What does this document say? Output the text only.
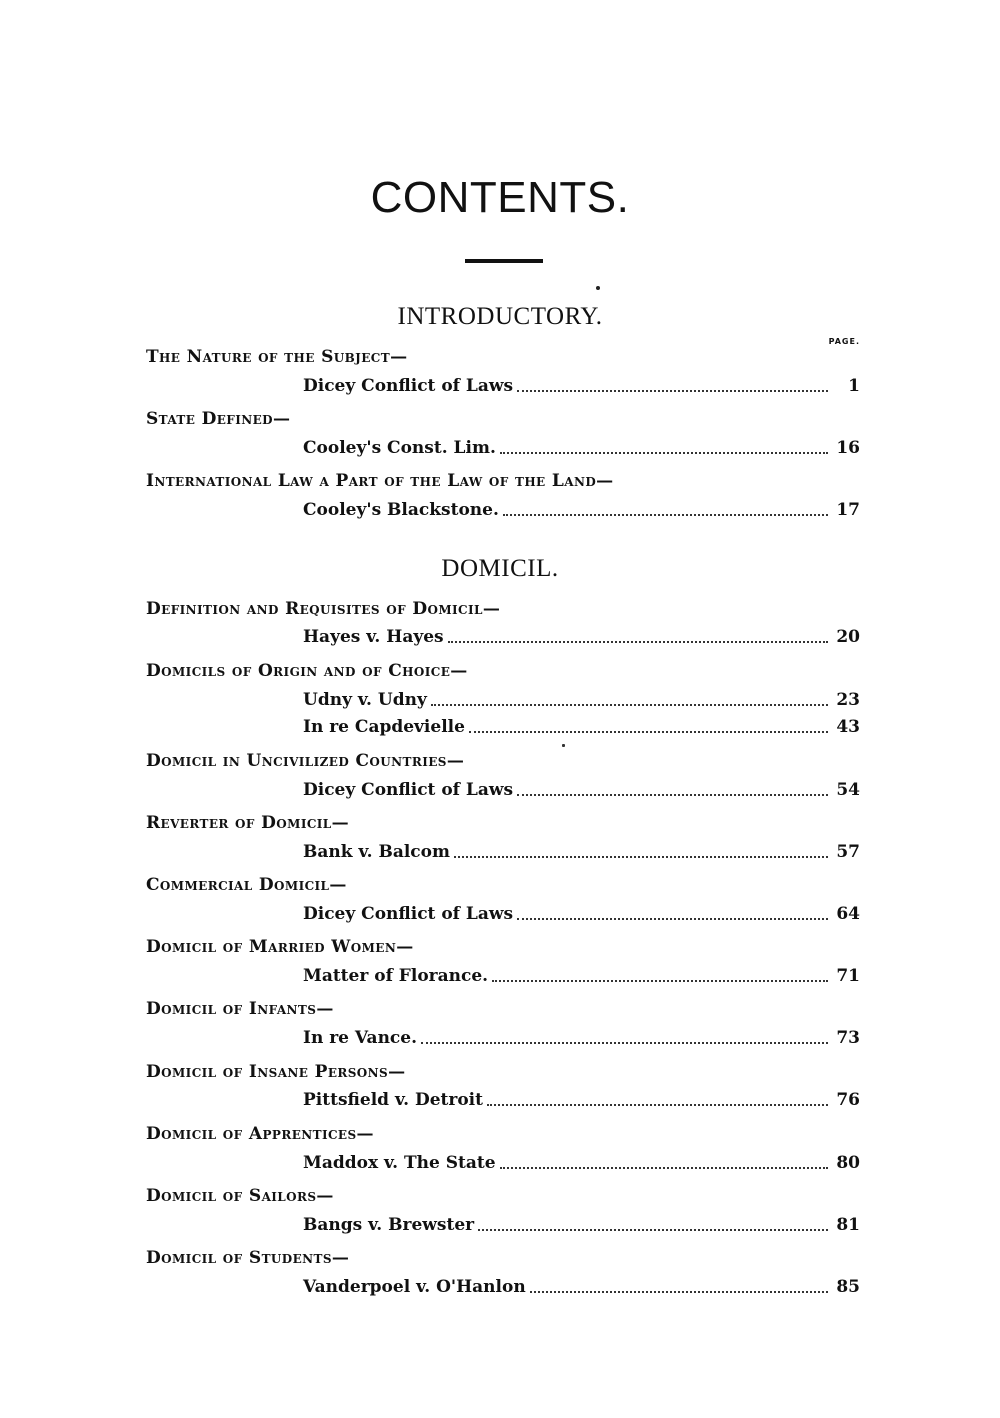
CONTENTS.
INTRODUCTORY.
PAGE.
The Nature of the Subject—
Dicey Conflict of Laws	1
State Defined—
Cooley's Const. Lim.	16
International Law a Part of the Law of the Land—
Cooley's Blackstone.	17
DOMICIL.
Definition and Requisites of Domicil—
Hayes v. Hayes	20
Domicils of Origin and of Choice—
Udny v. Udny	23
In re Capdevielle	43
Domicil in Uncivilized Countries—
Dicey Conflict of Laws	54
Reverter of Domicil—
Bank v. Balcom	57
Commercial Domicil—
Dicey Conflict of Laws	64
Domicil of Married Women—
Matter of Florance.	71
Domicil of Infants—
In re Vance.	73
Domicil of Insane Persons—
Pittsfield v. Detroit	76
Domicil of Apprentices—
Maddox v. The State	80
Domicil of Sailors—
Bangs v. Brewster	81
Domicil of Students—
Vanderpoel v. O'Hanlon	85
